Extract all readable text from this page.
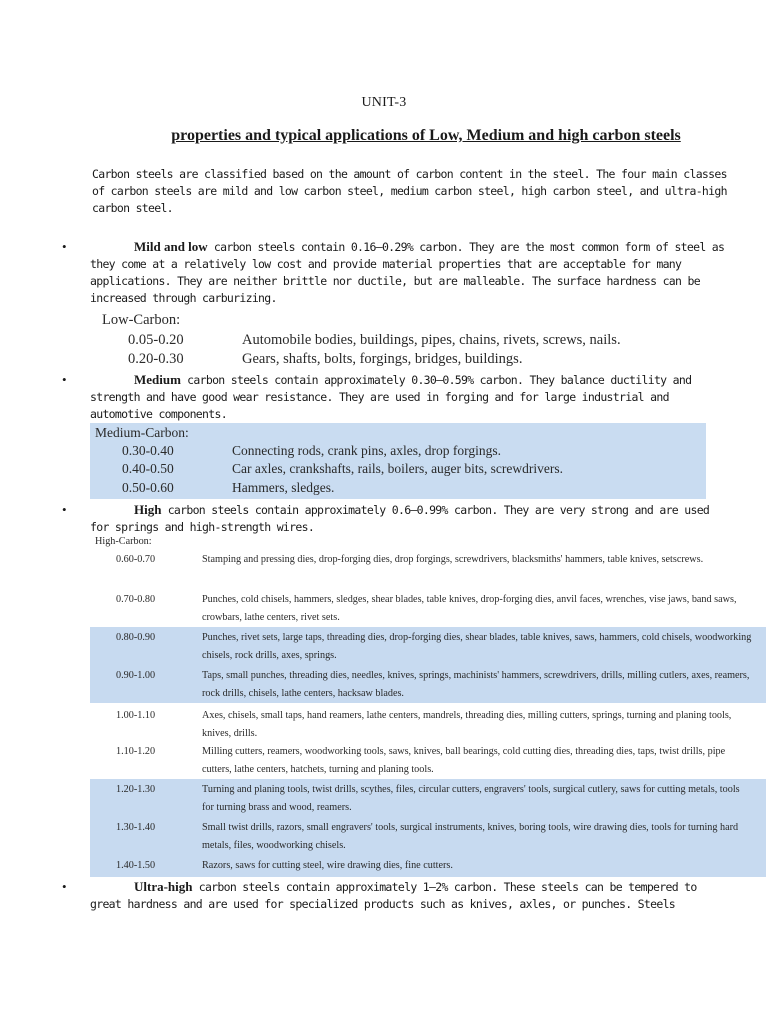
UNIT-3
properties and typical applications of Low, Medium and high carbon steels
Carbon steels are classified based on the amount of carbon content in the steel. The four main classes of carbon steels are mild and low carbon steel, medium carbon steel, high carbon steel, and ultra-high carbon steel.
•	Mild and low carbon steels contain 0.16–0.29% carbon. They are the most common form of steel as they come at a relatively low cost and provide material properties that are acceptable for many applications. They are neither brittle nor ductile, but are malleable. The surface hardness can be increased through carburizing.
Low-Carbon:
0.05-0.20	Automobile bodies, buildings, pipes, chains, rivets, screws, nails.
0.20-0.30	Gears, shafts, bolts, forgings, bridges, buildings.
•	Medium carbon steels contain approximately 0.30–0.59% carbon. They balance ductility and strength and have good wear resistance. They are used in forging and for large industrial and automotive components.
Medium-Carbon:
0.30-0.40	Connecting rods, crank pins, axles, drop forgings.
0.40-0.50	Car axles, crankshafts, rails, boilers, auger bits, screwdrivers.
0.50-0.60	Hammers, sledges.
•	High carbon steels contain approximately 0.6–0.99% carbon. They are very strong and are used for springs and high-strength wires.
High-Carbon:
0.60-0.70	Stamping and pressing dies, drop-forging dies, drop forgings, screwdrivers, blacksmiths' hammers, table knives, setscrews.
0.70-0.80	Punches, cold chisels, hammers, sledges, shear blades, table knives, drop-forging dies, anvil faces, wrenches, vise jaws, band saws, crowbars, lathe centers, rivet sets.
0.80-0.90	Punches, rivet sets, large taps, threading dies, drop-forging dies, shear blades, table knives, saws, hammers, cold chisels, woodworking chisels, rock drills, axes, springs.
0.90-1.00	Taps, small punches, threading dies, needles, knives, springs, machinists' hammers, screwdrivers, drills, milling cutlers, axes, reamers, rock drills, chisels, lathe centers, hacksaw blades.
1.00-1.10	Axes, chisels, small taps, hand reamers, lathe centers, mandrels, threading dies, milling cutters, springs, turning and planing tools, knives, drills.
1.10-1.20	Milling cutters, reamers, woodworking tools, saws, knives, ball bearings, cold cutting dies, threading dies, taps, twist drills, pipe cutters, lathe centers, hatchets, turning and planing tools.
1.20-1.30	Turning and planing tools, twist drills, scythes, files, circular cutters, engravers' tools, surgical cutlery, saws for cutting metals, tools for turning brass and wood, reamers.
1.30-1.40	Small twist drills, razors, small engravers' tools, surgical instruments, knives, boring tools, wire drawing dies, tools for turning hard metals, files, woodworking chisels.
1.40-1.50	Razors, saws for cutting steel, wire drawing dies, fine cutters.
•	Ultra-high carbon steels contain approximately 1–2% carbon. These steels can be tempered to great hardness and are used for specialized products such as knives, axles, or punches. Steels
